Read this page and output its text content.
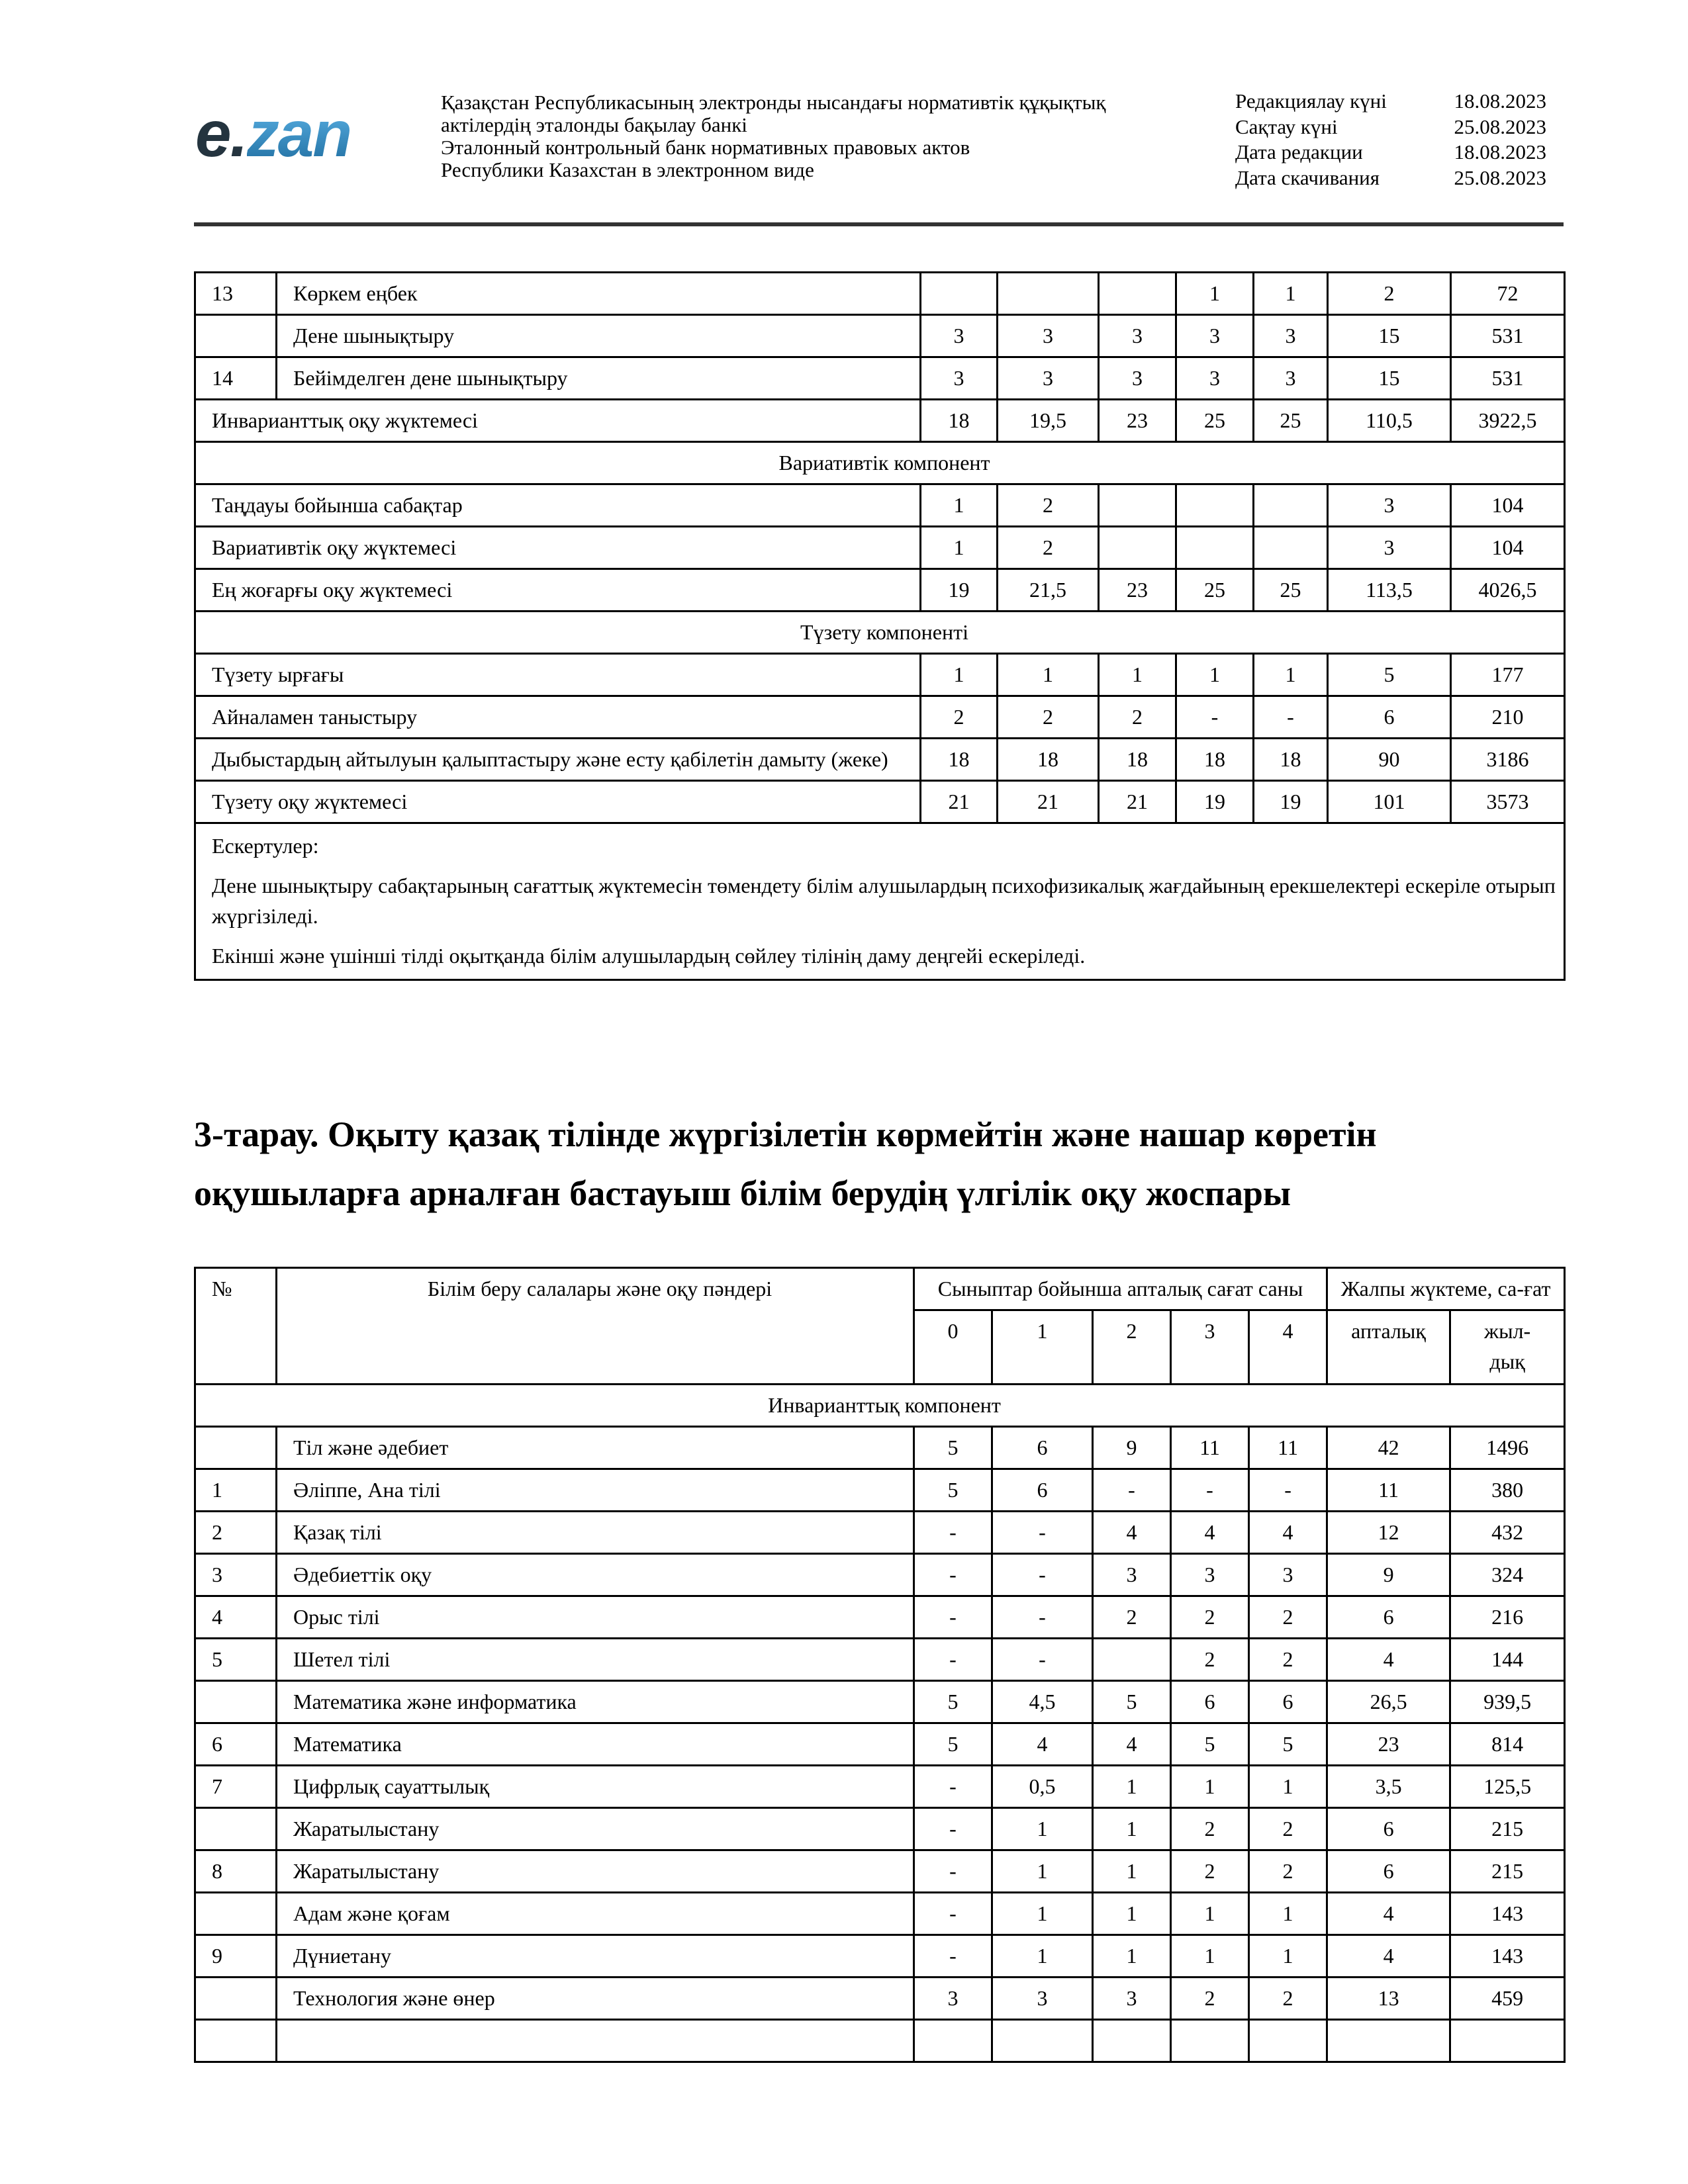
e.zan	Қазақстан Республикасының электронды нысандағы нормативтік құқықтық
актілердің эталонды бақылау банкі
Эталонный контрольный банк нормативных правовых актов
Республики Казахстан в электронном виде
Редакциялау күні	18.08.2023
Сақтау күні	25.08.2023
Дата редакции	18.08.2023
Дата скачивания	25.08.2023
13	Көркем еңбек				1	1	2	72
	Дене шынықтыру	3	3	3	3	3	15	531
14	Бейімделген дене шынықтыру	3	3	3	3	3	15	531
Инварианттық оқу жүктемесі		18	19,5	23	25	25	110,5	3922,5
Вариативтік компонент								
Таңдауы бойынша сабақтар		1	2				3	104
Вариативтік оқу жүктемесі		1	2				3	104
Ең жоғарғы оқу жүктемесі		19	21,5	23	25	25	113,5	4026,5
Түзету компоненті								
Түзету ырғағы		1	1	1	1	1	5	177
Айналамен таныстыру		2	2	2	-	-	6	210
Дыбыстардың айтылуын қалыптастыру және есту қабілетін дамыту (жеке)		18	18	18	18	18	90	3186
Түзету оқу жүктемесі		21	21	21	19	19	101	3573

Ескертулер:

Дене шынықтыру сабақтарының сағаттық жүктемесін төмендету білім алушылардың психофизикалық жағдайының ерекшелектері ескеріле отырып жүргізіледі.

Екінші және үшінші тілді оқытқанда білім алушылардың сөйлеу тілінің даму деңгейі ескеріледі.								

3-тарау. Оқыту қазақ тілінде жүргізілетін көрмейтін және нашар көретін оқушыларға арналған бастауыш білім берудің үлгілік оқу жоспары
№	Білім беру салалары және оқу пәндері	Сыныптар бойынша апталық сағат саны					Жалпы жүктеме, са-ғат	
		0	1	2	3	4	апталық	жыл-дық
Инварианттық компонент								
	Тіл және әдебиет	5	6	9	11	11	42	1496
1	Әліппе, Ана тілі	5	6	-	-	-	11	380
2	Қазақ тілі	-	-	4	4	4	12	432
3	Әдебиеттік оқу	-	-	3	3	3	9	324
4	Орыс тілі	-	-	2	2	2	6	216
5	Шетел тілі	-	-		2	2	4	144
	Математика және информатика	5	4,5	5	6	6	26,5	939,5
6	Математика	5	4	4	5	5	23	814
7	Цифрлық сауаттылық	-	0,5	1	1	1	3,5	125,5
	Жаратылыстану	-	1	1	2	2	6	215
8	Жаратылыстану	-	1	1	2	2	6	215
	Адам және қоғам	-	1	1	1	1	4	143
9	Дүниетану	-	1	1	1	1	4	143
	Технология және өнер	3	3	3	2	2	13	459
